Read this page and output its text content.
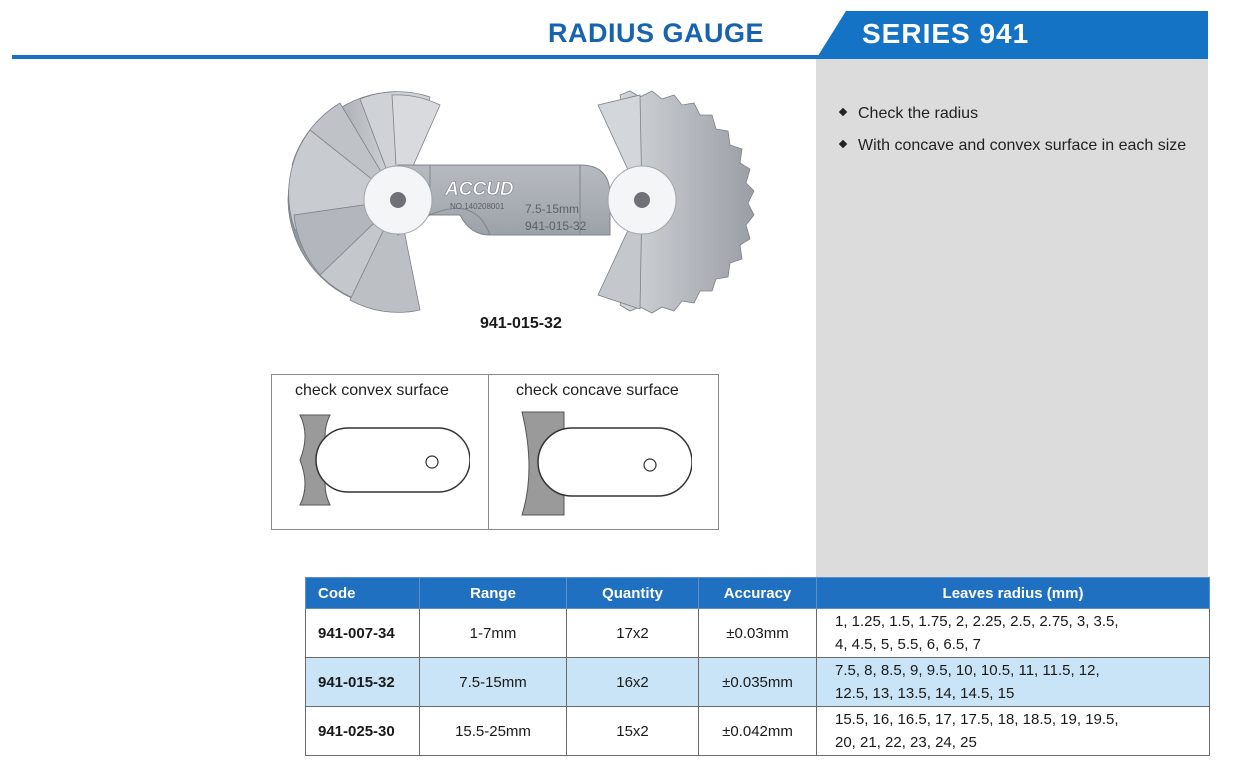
RADIUS GAUGE	SERIES 941
Check the radius
With concave and convex surface in each size
ACCUD
NO.140208001 7.5-15mm
941-015-32
941-015-32
check convex surface	check concave surface
Code	Range	Quantity	Accuracy	Leaves radius (mm)
941-007-34	1-7mm	17x2	±0.03mm	1, 1.25, 1.5, 1.75, 2, 2.25, 2.5, 2.75, 3, 3.5,
4, 4.5, 5, 5.5, 6, 6.5, 7

941-015-32	7.5-15mm	16x2	±0.035mm	7.5, 8, 8.5, 9, 9.5, 10, 10.5, 11, 11.5, 12,
12.5, 13, 13.5, 14, 14.5, 15

941-025-30	15.5-25mm	15x2	±0.042mm	15.5, 16, 16.5, 17, 17.5, 18, 18.5, 19, 19.5,
20, 21, 22, 23, 24, 25
